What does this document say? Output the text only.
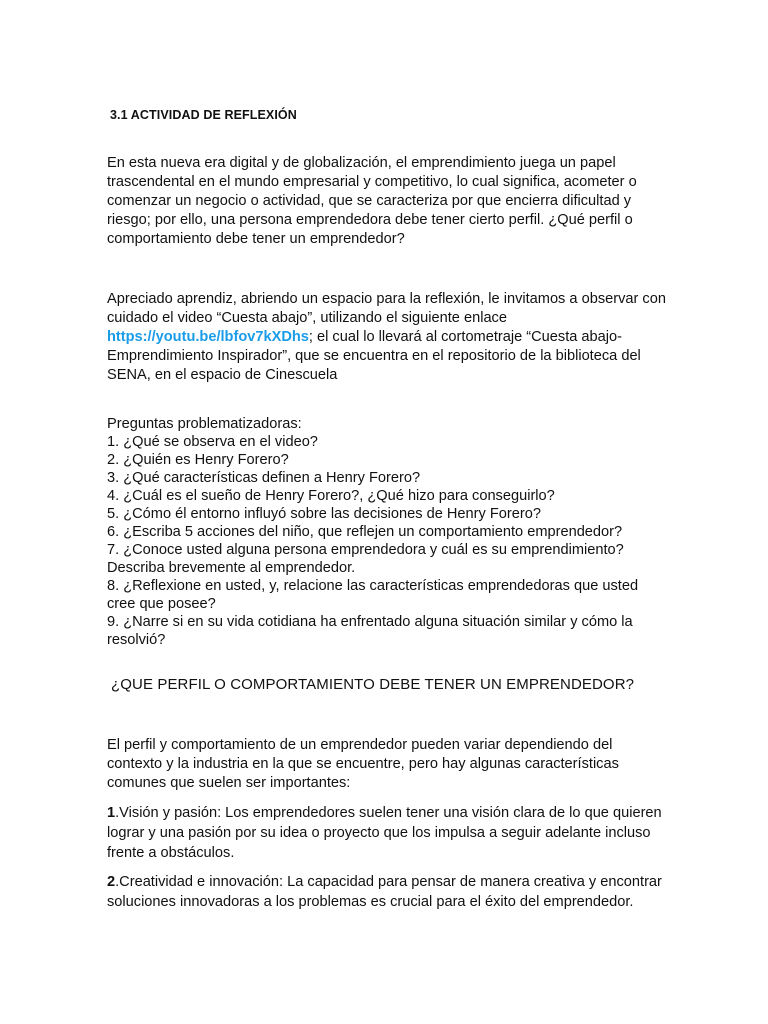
3.1 ACTIVIDAD DE REFLEXIÓN

En esta nueva era digital y de globalización, el emprendimiento juega un papel trascendental en el mundo empresarial y competitivo, lo cual significa, acometer o comenzar un negocio o actividad, que se caracteriza por que encierra dificultad y riesgo; por ello, una persona emprendedora debe tener cierto perfil. ¿Qué perfil o comportamiento debe tener un emprendedor?

Apreciado aprendiz, abriendo un espacio para la reflexión, le invitamos a observar con cuidado el video “Cuesta abajo”, utilizando el siguiente enlace https://youtu.be/lbfov7kXDhs; el cual lo llevará al cortometraje “Cuesta abajo- Emprendimiento Inspirador”, que se encuentra en el repositorio de la biblioteca del SENA, en el espacio de Cinescuela

Preguntas problematizadoras:
1. ¿Qué se observa en el video?
2. ¿Quién es Henry Forero?
3. ¿Qué características definen a Henry Forero?
4. ¿Cuál es el sueño de Henry Forero?, ¿Qué hizo para conseguirlo?
5. ¿Cómo él entorno influyó sobre las decisiones de Henry Forero?
6. ¿Escriba 5 acciones del niño, que reflejen un comportamiento emprendedor?
7. ¿Conoce usted alguna persona emprendedora y cuál es su emprendimiento? Describa brevemente al emprendedor.
8. ¿Reflexione en usted, y, relacione las características emprendedoras que usted cree que posee?
9. ¿Narre si en su vida cotidiana ha enfrentado alguna situación similar y cómo la resolvió?
¿QUE PERFIL O COMPORTAMIENTO DEBE TENER UN EMPRENDEDOR?

El perfil y comportamiento de un emprendedor pueden variar dependiendo del contexto y la industria en la que se encuentre, pero hay algunas características comunes que suelen ser importantes:

1.Visión y pasión: Los emprendedores suelen tener una visión clara de lo que quieren lograr y una pasión por su idea o proyecto que los impulsa a seguir adelante incluso frente a obstáculos.

2.Creatividad e innovación: La capacidad para pensar de manera creativa y encontrar soluciones innovadoras a los problemas es crucial para el éxito del emprendedor.
